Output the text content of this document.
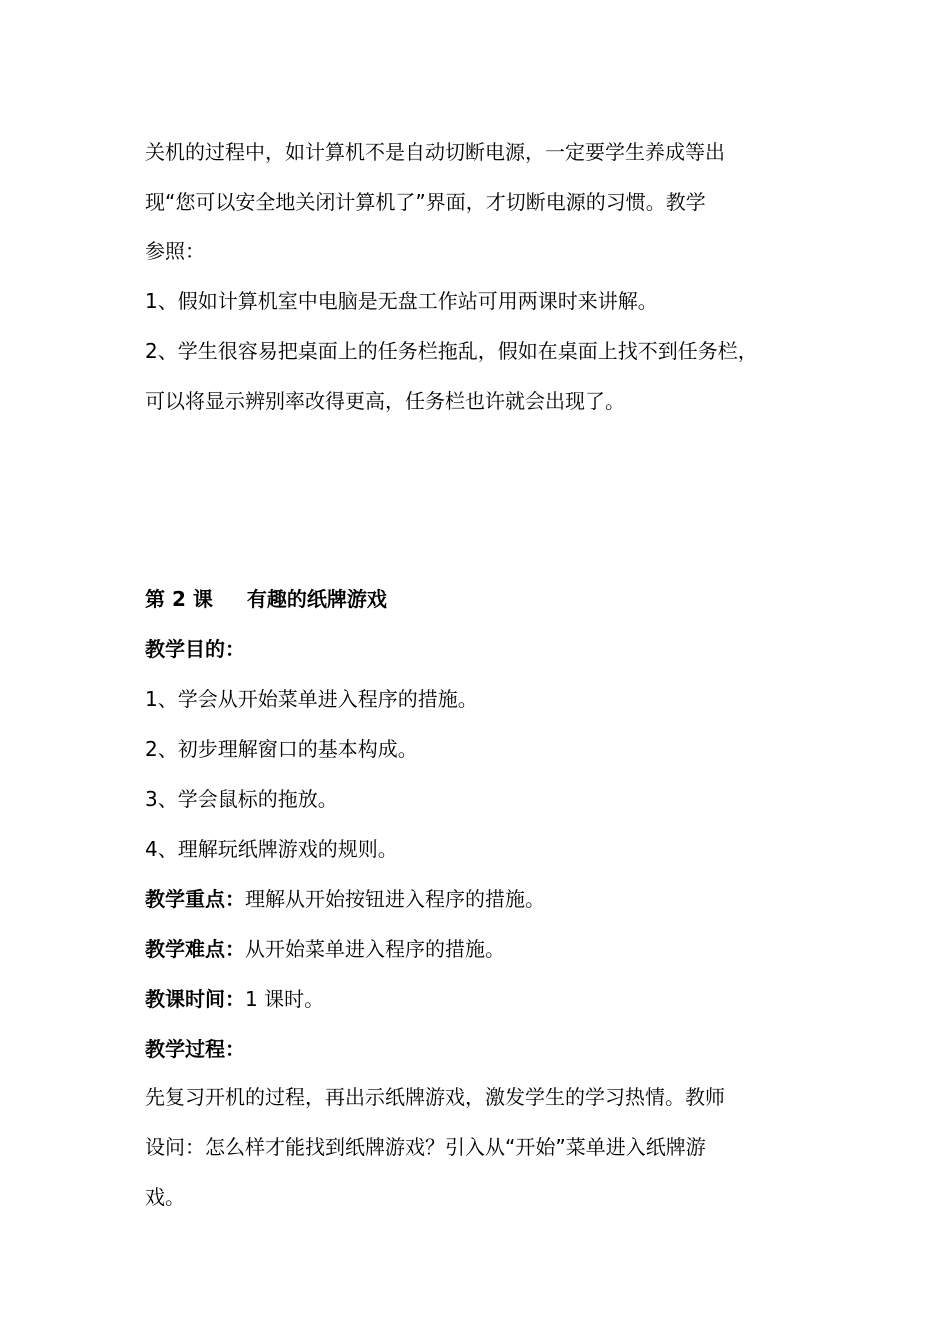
关机的过程中，如计算机不是自动切断电源，一定要学生养成等出
现“您可以安全地关闭计算机了”界面，才切断电源的习惯。教学
参照：
1、假如计算机室中电脑是无盘工作站可用两课时来讲解。
2、学生很容易把桌面上的任务栏拖乱，假如在桌面上找不到任务栏，
可以将显示辨别率改得更高，任务栏也许就会出现了。
第 2 课 有趣的纸牌游戏
教学目的：
1、学会从开始菜单进入程序的措施。
2、初步理解窗口的基本构成。
3、学会鼠标的拖放。
4、理解玩纸牌游戏的规则。
教学重点：理解从开始按钮进入程序的措施。
教学难点：从开始菜单进入程序的措施。
教课时间：1 课时。
教学过程：
先复习开机的过程，再出示纸牌游戏，激发学生的学习热情。教师
设问：怎么样才能找到纸牌游戏？引入从“开始”菜单进入纸牌游
戏。
